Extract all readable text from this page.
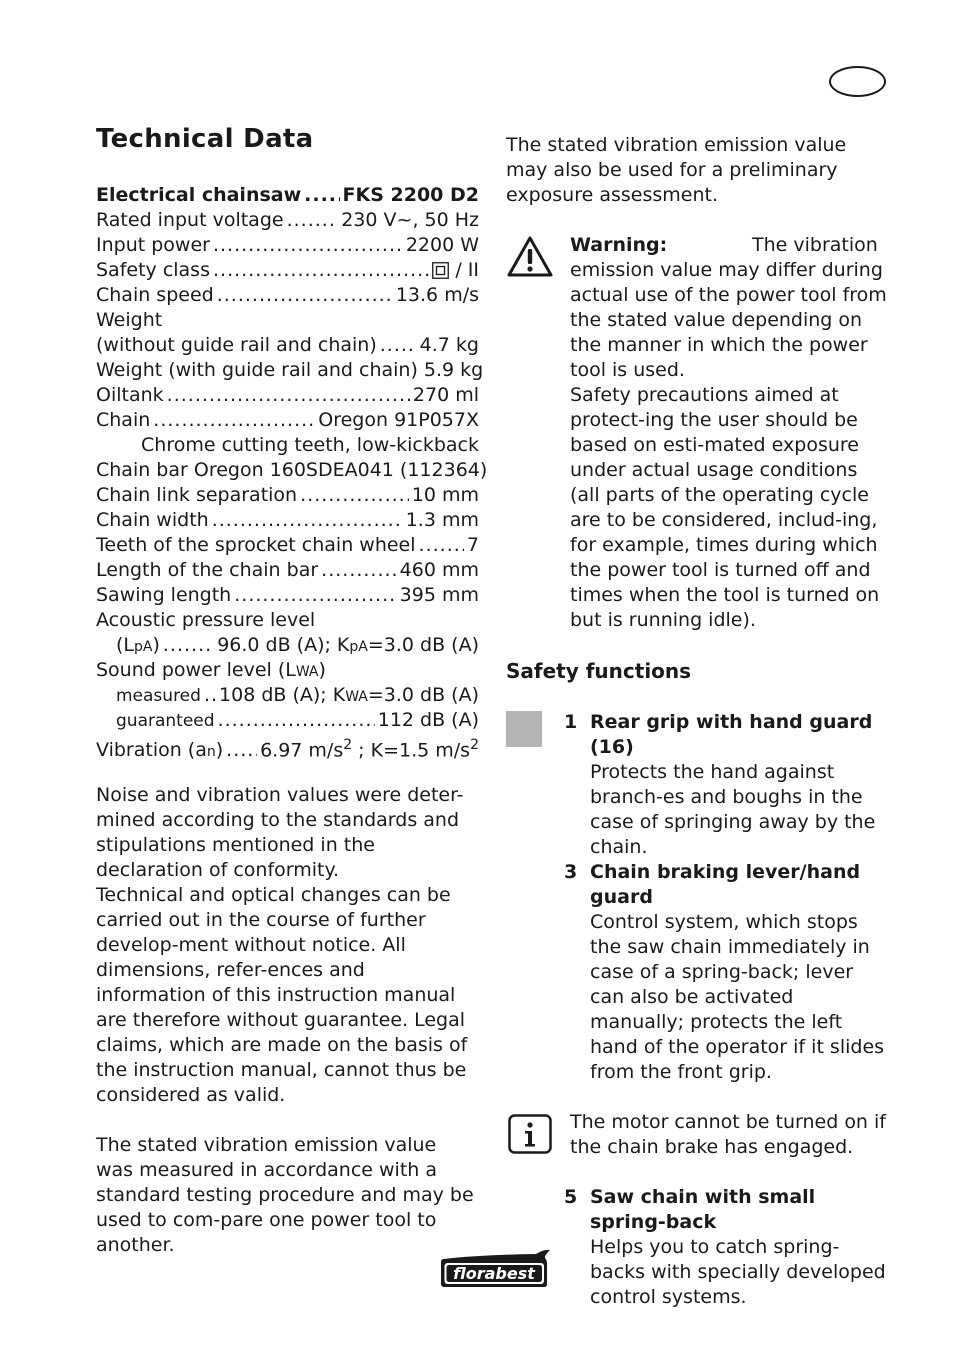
Technical Data
Electrical chainsaw ..... FKS 2200 D2
Rated input voltage .....	230 V~, 50 Hz
Input power .....	2200 W
Safety class .....	/ II
Chain speed .....	13.6 m/s
Weight
(without guide rail and chain) ..... 4.7 kg
Weight (with guide rail and chain) 5.9 kg
Oiltank .....	270 ml
Chain .....	Oregon 91P057X
Chrome cutting teeth, low-kickback
Chain bar Oregon 160SDEA041 (112364)
Chain link separation .....	10 mm
Chain width .....	1.3 mm
Teeth of the sprocket chain wheel .....	7
Length of the chain bar .....	460 mm
Sawing length .....	395 mm
Acoustic pressure level
(LpA) .....	96.0 dB (A); KpA=3.0 dB (A)
Sound power level (L WA )
measured ..... 108 dB (A); KWA=3.0 dB (A)
guaranteed .....	112 dB (A)
Vibration (an) ..... 6.97 $m/s^2$ ; K=1.5 $m/s^2$

Noise and vibration values were deter-mined according to the standards and stipulations mentioned in the declaration of conformity.

Technical and optical changes can be carried out in the course of further develop-ment without notice. All dimensions, refer-ences and information of this instruction manual are therefore without guarantee. Legal claims, which are made on the basis of the instruction manual, cannot thus be considered as valid.

The stated vibration emission value was measured in accordance with a standard testing procedure and may be used to com-pare one power tool to another.

The stated vibration emission value may also be used for a preliminary exposure assessment.

Warning:	The vibration

emission value may differ during actual use of the power tool from the stated value depending on the manner in which the power tool is used.

Safety precautions aimed at protect-ing the user should be based on esti-mated exposure under actual usage conditions (all parts of the operating cycle are to be considered, includ-ing, for example, times during which the power tool is turned off and times when the tool is turned on but is running idle).

Safety functions
1 Rear grip with hand guard (16)
Protects the hand against branch-es and boughs in the case of springing away by the chain.
3 Chain braking lever/hand guard
Control system, which stops the saw chain immediately in case of a spring-back; lever can also be activated manually; protects the left hand of the operator if it slides from the front grip.

The motor cannot be turned on if the chain brake has engaged.

5 Saw chain with small spring-back
Helps you to catch spring-backs with specially developed control systems.
florabest
